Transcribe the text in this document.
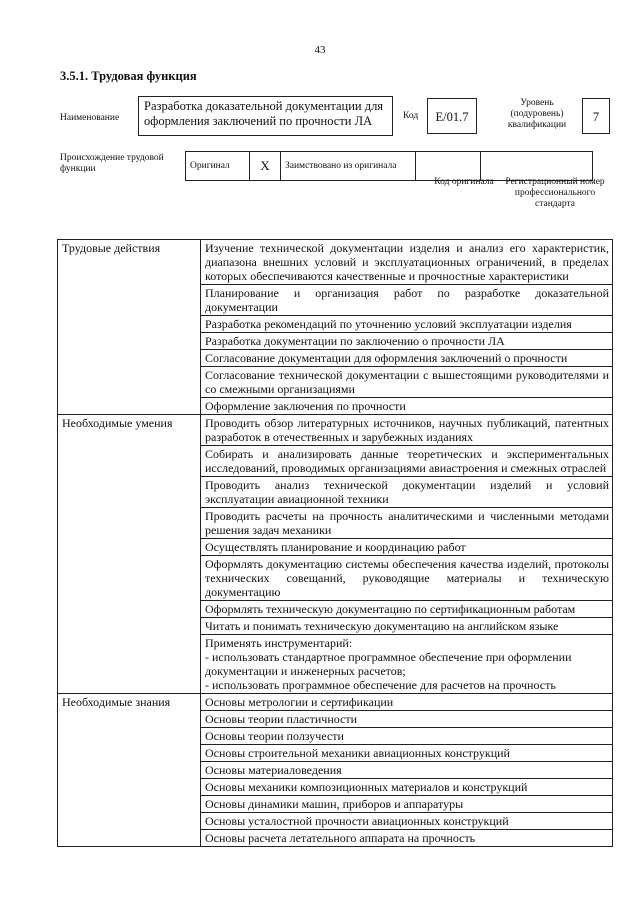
43
3.5.1. Трудовая функция
Наименование
Разработка доказательной документации для оформления заключений по прочности ЛА	Код	E/01.7
Уровень
(подуровень)
квалификации
7
Происхождение трудовой функции	Оригинал	X	Заимствовано из оригинала		
Код оригинала	Регистрационный номер профессионального стандарта
Трудовые действия	Изучение технической документации изделия и анализ его характеристик, диапазона внешних условий и эксплуатационных ограничений, в пределах которых обеспечиваются качественные и прочностные характеристики
	Планирование и организация работ по разработке доказательной документации
	Разработка рекомендаций по уточнению условий эксплуатации изделия
	Разработка документации по заключению о прочности ЛА
	Согласование документации для оформления заключений о прочности
	Согласование технической документации с вышестоящими руководителями и со смежными организациями
	Оформление заключения по прочности
Необходимые умения	Проводить обзор литературных источников, научных публикаций, патентных разработок в отечественных и зарубежных изданиях
	Собирать и анализировать данные теоретических и экспериментальных исследований, проводимых организациями авиастроения и смежных отраслей
	Проводить анализ технической документации изделий и условий эксплуатации авиационной техники
	Проводить расчеты на прочность аналитическими и численными методами решения задач механики
	Осуществлять планирование и координацию работ
	Оформлять документацию системы обеспечения качества изделий, протоколы технических совещаний, руководящие материалы и техническую документацию
	Оформлять техническую документацию по сертификационным работам
	Читать и понимать техническую документацию на английском языке
	Применять инструментарий:
- использовать стандартное программное обеспечение при оформлении документации и инженерных расчетов;
- использовать программное обеспечение для расчетов на прочность
Необходимые знания	Основы метрологии и сертификации
	Основы теории пластичности
	Основы теории ползучести
	Основы строительной механики авиационных конструкций
	Основы материаловедения
	Основы механики композиционных материалов и конструкций
	Основы динамики машин, приборов и аппаратуры
	Основы усталостной прочности авиационных конструкций
	Основы расчета летательного аппарата на прочность
